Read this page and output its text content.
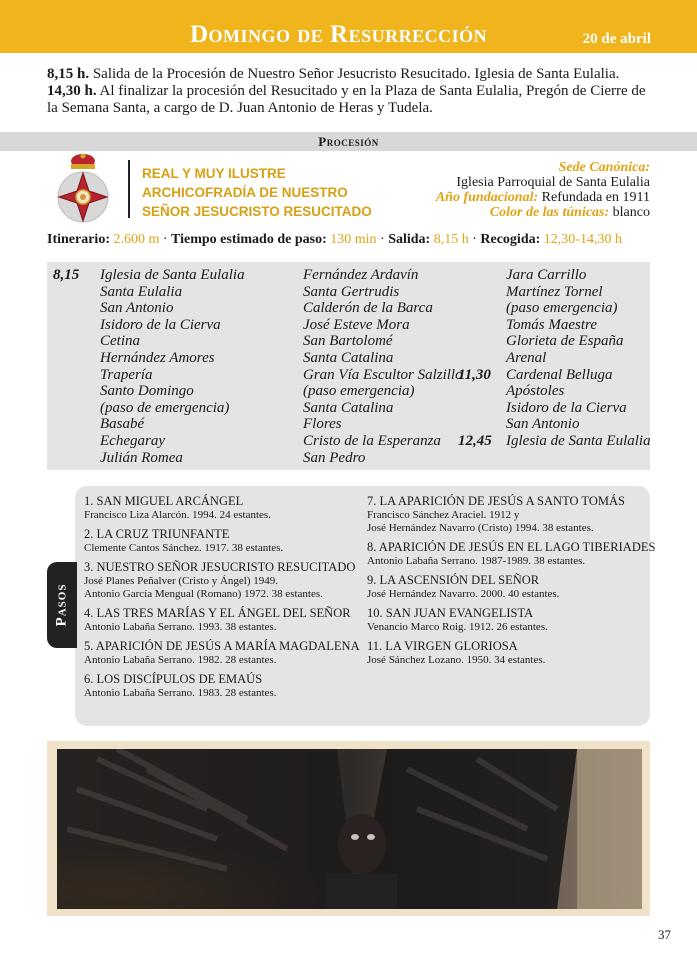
Domingo de Resurrección	20 de abril

8,15 h. Salida de la Procesión de Nuestro Señor Jesucristo Resucitado. Iglesia de Santa Eulalia.

14,30 h. Al finalizar la procesión del Resucitado y en la Plaza de Santa Eulalia, Pregón de Cierre de la Semana Santa, a cargo de D. Juan Antonio de Heras y Tudela.

Procesión
REAL Y MUY ILUSTRE
ARCHICOFRADÍA DE NUESTRO
SEÑOR JESUCRISTO RESUCITADO
Sede Canónica:
Iglesia Parroquial de Santa Eulalia
Año fundacional: Refundada en 1911
Color de las túnicas: blanco
Itinerario: 2.600 m · Tiempo estimado de paso: 130 min · Salida: 8,15 h · Recogida: 12,30-14,30 h
8,15 Iglesia de Santa Eulalia
Santa Eulalia
San Antonio
Isidoro de la Cierva
Cetina
Hernández Amores
Trapería
Santo Domingo
(paso de emergencia)
Basabé
Echegaray
Julián Romea
Fernández Ardavín
Santa Gertrudis
Calderón de la Barca
José Esteve Mora
San Bartolomé
Santa Catalina
Gran Vía Escultor Salzillo
(paso emergencia)
Santa Catalina
Flores
Cristo de la Esperanza
San Pedro
11,30
12,45
Jara Carrillo
Martínez Tornel
(paso emergencia)
Tomás Maestre
Glorieta de España
Arenal
Cardenal Belluga
Apóstoles
Isidoro de la Cierva
San Antonio
Iglesia de Santa Eulalia
Pasos
1. SAN MIGUEL ARCÁNGEL
Francisco Liza Alarcón. 1994. 24 estantes.
2. LA CRUZ TRIUNFANTE
Clemente Cantos Sánchez. 1917. 38 estantes.
3. NUESTRO SEÑOR JESUCRISTO RESUCITADO
José Planes Peñalver (Cristo y Ángel) 1949.
Antonio García Mengual (Romano) 1972. 38 estantes.
4. LAS TRES MARÍAS Y EL ÁNGEL DEL SEÑOR
Antonio Labaña Serrano. 1993. 38 estantes.
5. APARICIÓN DE JESÚS A MARÍA MAGDALENA
Antonio Labaña Serrano. 1982. 28 estantes.
6. LOS DISCÍPULOS DE EMAÚS
Antonio Labaña Serrano. 1983. 28 estantes.
7. LA APARICIÓN DE JESÚS A SANTO TOMÁS
Francisco Sánchez Araciel. 1912 y
José Hernández Navarro (Cristo) 1994. 38 estantes.
8. APARICIÓN DE JESÚS EN EL LAGO TIBERIADES
Antonio Labaña Serrano. 1987-1989. 38 estantes.
9. LA ASCENSIÓN DEL SEÑOR
José Hernández Navarro. 2000. 40 estantes.
10. SAN JUAN EVANGELISTA
Venancio Marco Roig. 1912. 26 estantes.
11. LA VIRGEN GLORIOSA
José Sánchez Lozano. 1950. 34 estantes.
37
